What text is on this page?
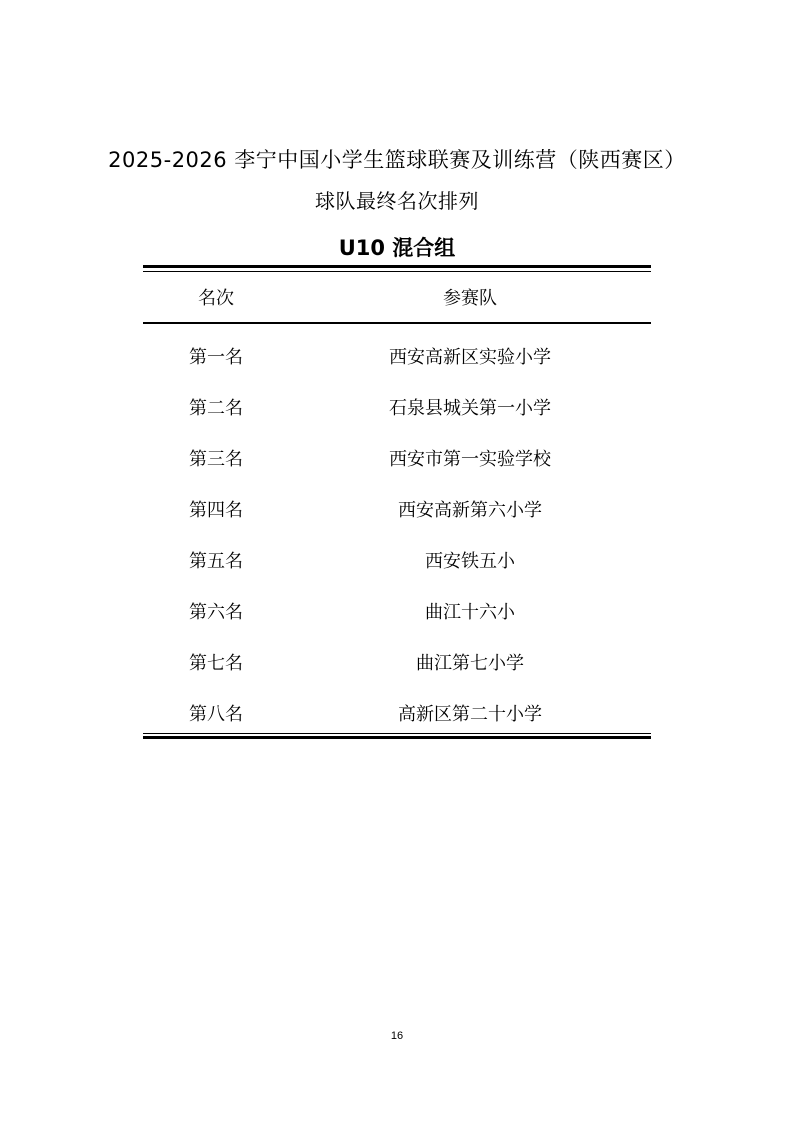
2025-2026 李宁中国小学生篮球联赛及训练营（陕西赛区）
球队最终名次排列
U10 混合组
名次	参赛队
第一名	西安高新区实验小学
第二名	石泉县城关第一小学
第三名	西安市第一实验学校
第四名	西安高新第六小学
第五名	西安铁五小
第六名	曲江十六小
第七名	曲江第七小学
第八名	高新区第二十小学
16
